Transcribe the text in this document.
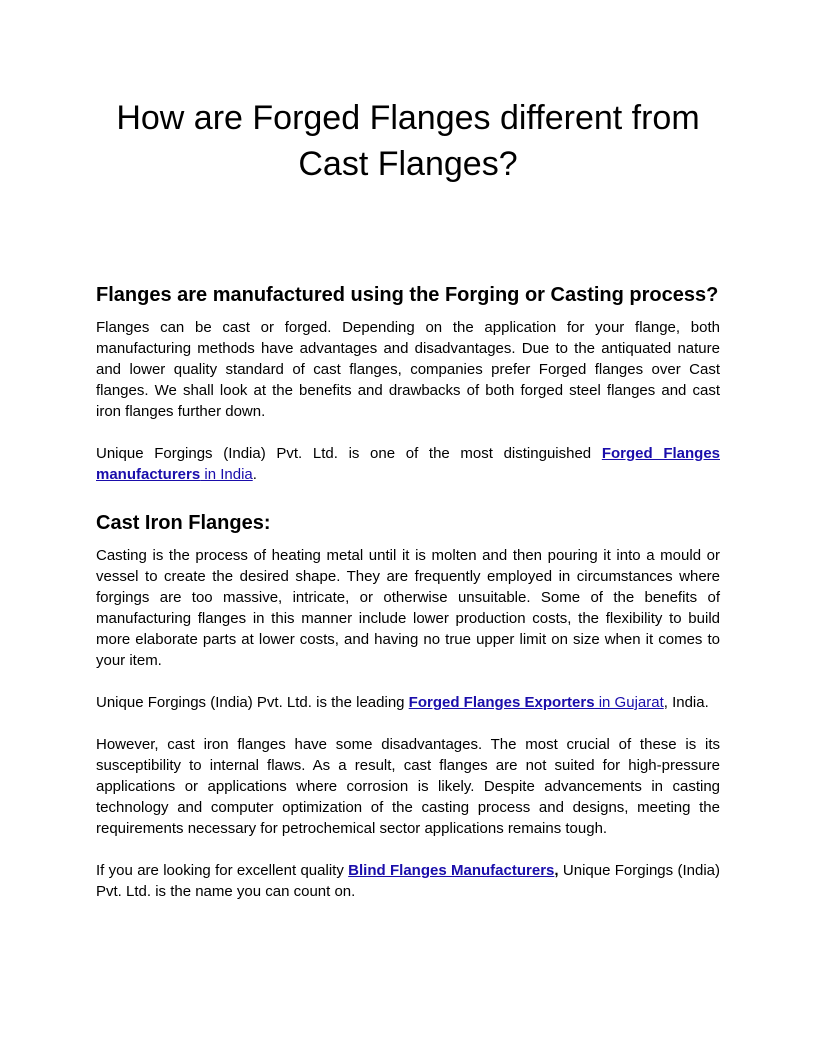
How are Forged Flanges different from Cast Flanges?
Flanges are manufactured using the Forging or Casting process?

Flanges can be cast or forged. Depending on the application for your flange, both manufacturing methods have advantages and disadvantages. Due to the antiquated nature and lower quality standard of cast flanges, companies prefer Forged flanges over Cast flanges. We shall look at the benefits and drawbacks of both forged steel flanges and cast iron flanges further down.

Unique Forgings (India) Pvt. Ltd. is one of the most distinguished Forged Flanges manufacturers in India.

Cast Iron Flanges:

Casting is the process of heating metal until it is molten and then pouring it into a mould or vessel to create the desired shape. They are frequently employed in circumstances where forgings are too massive, intricate, or otherwise unsuitable. Some of the benefits of manufacturing flanges in this manner include lower production costs, the flexibility to build more elaborate parts at lower costs, and having no true upper limit on size when it comes to your item.

Unique Forgings (India) Pvt. Ltd. is the leading Forged Flanges Exporters in Gujarat, India.

However, cast iron flanges have some disadvantages. The most crucial of these is its susceptibility to internal flaws. As a result, cast flanges are not suited for high-pressure applications or applications where corrosion is likely. Despite advancements in casting technology and computer optimization of the casting process and designs, meeting the requirements necessary for petrochemical sector applications remains tough.

If you are looking for excellent quality Blind Flanges Manufacturers, Unique Forgings (India) Pvt. Ltd. is the name you can count on.
